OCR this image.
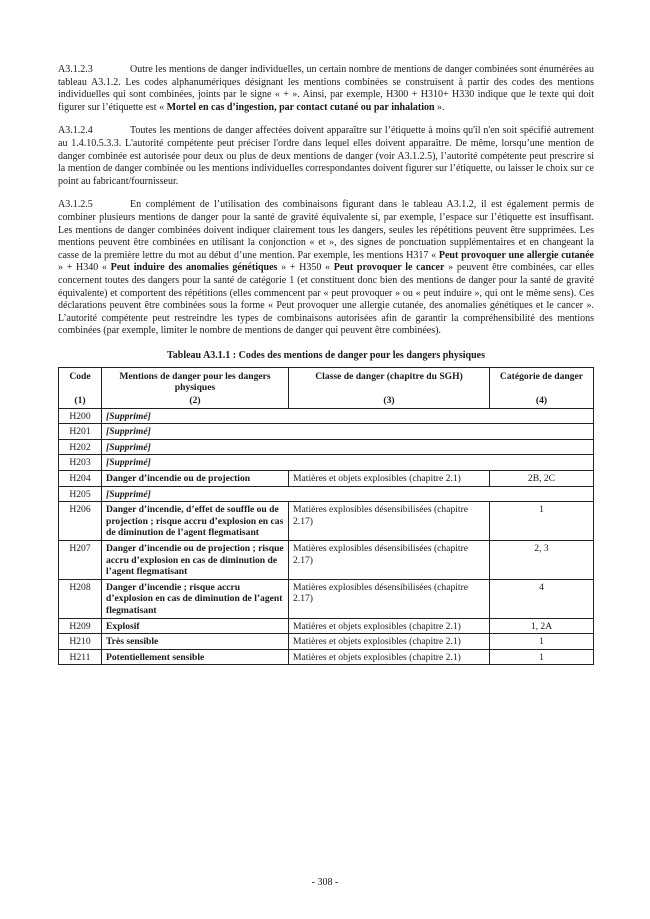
A3.1.2.3	Outre les mentions de danger individuelles, un certain nombre de mentions de danger combinées sont énumérées au tableau A3.1.2. Les codes alphanumériques désignant les mentions combinées se construisent à partir des codes des mentions individuelles qui sont combinées, joints par le signe « + ». Ainsi, par exemple, H300 + H310+ H330 indique que le texte qui doit figurer sur l’étiquette est « Mortel en cas d’ingestion, par contact cutané ou par inhalation ».

A3.1.2.4	Toutes les mentions de danger affectées doivent apparaître sur l’étiquette à moins qu'il n'en soit spécifié autrement au 1.4.10.5.3.3. L'autorité compétente peut préciser l'ordre dans lequel elles doivent apparaître. De même, lorsqu’une mention de danger combinée est autorisée pour deux ou plus de deux mentions de danger (voir A3.1.2.5), l’autorité compétente peut prescrire si la mention de danger combinée ou les mentions individuelles correspondantes doivent figurer sur l’étiquette, ou laisser le choix sur ce point au fabricant/fournisseur.

A3.1.2.5	En complément de l’utilisation des combinaisons figurant dans le tableau A3.1.2, il est également permis de combiner plusieurs mentions de danger pour la santé de gravité équivalente si, par exemple, l’espace sur l’étiquette est insuffisant. Les mentions de danger combinées doivent indiquer clairement tous les dangers, seules les répétitions peuvent être supprimées. Les mentions peuvent être combinées en utilisant la conjonction « et », des signes de ponctuation supplémentaires et en changeant la casse de la première lettre du mot au début d’une mention. Par exemple, les mentions H317 « Peut provoquer une allergie cutanée » + H340 « Peut induire des anomalies génétiques » + H350 « Peut provoquer le cancer » peuvent être combinées, car elles concernent toutes des dangers pour la santé de catégorie 1 (et constituent donc bien des mentions de danger pour la santé de gravité équivalente) et comportent des répétitions (elles commencent par « peut provoquer » ou « peut induire », qui ont le même sens). Ces déclarations peuvent être combinées sous la forme « Peut provoquer une allergie cutanée, des anomalies génétiques et le cancer ». L’autorité compétente peut restreindre les types de combinaisons autorisées afin de garantir la compréhensibilité des mentions combinées (par exemple, limiter le nombre de mentions de danger qui peuvent être combinées).

Tableau A3.1.1 : Codes des mentions de danger pour les dangers physiques
Code	Mentions de danger pour les dangers physiques	Classe de danger (chapitre du SGH)	Catégorie de danger
(1)	(2)	(3)	(4)
H200	[Supprimé]		
H201	[Supprimé]		
H202	[Supprimé]		
H203	[Supprimé]		
H204	Danger d’incendie ou de projection	Matières et objets explosibles (chapitre 2.1)	2B, 2C
H205	[Supprimé]		
H206	Danger d’incendie, d’effet de souffle ou de projection ; risque accru d’explosion en cas de diminution de l’agent flegmatisant	Matières explosibles désensibilisées (chapitre 2.17)	1
H207	Danger d’incendie ou de projection ; risque accru d’explosion en cas de diminution de l’agent flegmatisant	Matières explosibles désensibilisées (chapitre 2.17)	2, 3
H208	Danger d’incendie ; risque accru d’explosion en cas de diminution de l’agent flegmatisant	Matières explosibles désensibilisées (chapitre 2.17)	4
H209	Explosif	Matières et objets explosibles (chapitre 2.1)	1, 2A
H210	Très sensible	Matières et objets explosibles (chapitre 2.1)	1
H211	Potentiellement sensible	Matières et objets explosibles (chapitre 2.1)	1
- 308 -
